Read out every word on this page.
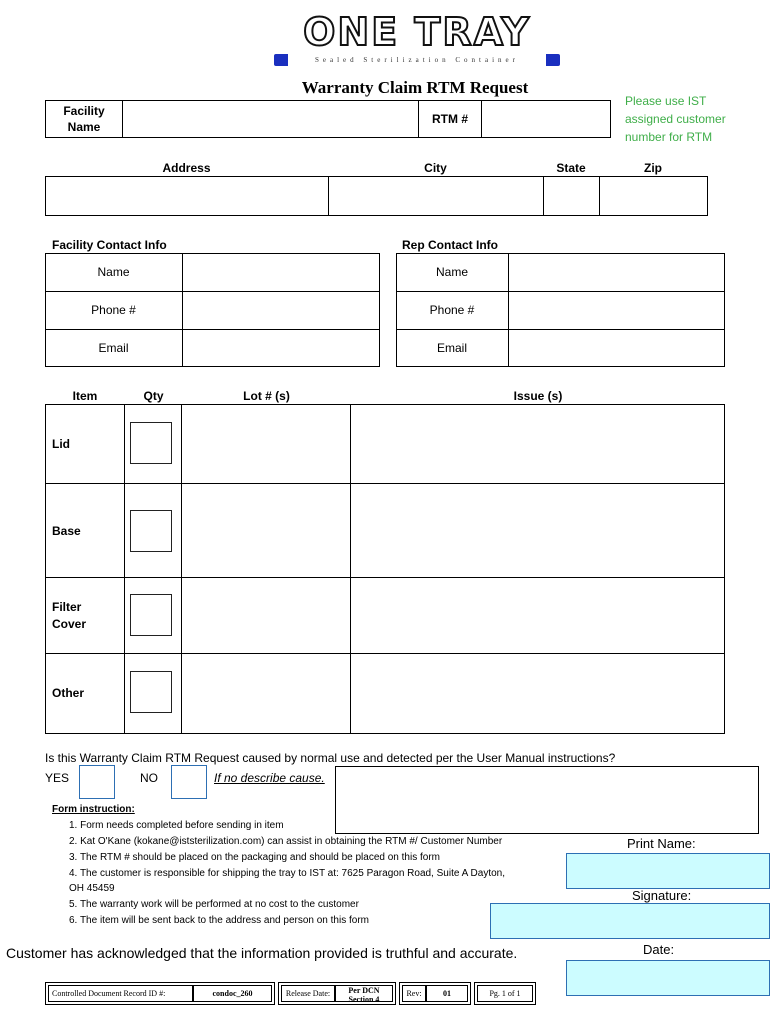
ONE TRAY
Sealed Sterilization Container
Warranty Claim RTM Request
Facility
Name
RTM #
Please use IST
assigned customer
number for RTM
Address	City	State	Zip
Facility Contact Info
Name
Phone #
Email
Rep Contact Info
Name
Phone #
Email
Item	Qty	Lot # (s)	Issue (s)
Lid
Base
Filter
Cover
Other
Is this Warranty Claim RTM Request caused by normal use and detected per the User Manual instructions?
YES	NO	If no describe cause.
Form instruction:
1. Form needs completed before sending in item
2. Kat O'Kane (kokane@iststerilization.com) can assist in obtaining the RTM #/ Customer Number
3. The RTM # should be placed on the packaging and should be placed on this form
4. The customer is responsible for shipping the tray to IST at: 7625 Paragon Road, Suite A Dayton,
OH 45459
5. The warranty work will be performed at no cost to the customer
6. The item will be sent back to the address and person on this form
Print Name:
Signature:
Date:
Customer has acknowledged that the information provided is truthful and accurate.
Controlled Document Record ID #:	condoc_260	Release Date:	Per DCN
Section 4
Rev:	01	Pg. 1 of 1
